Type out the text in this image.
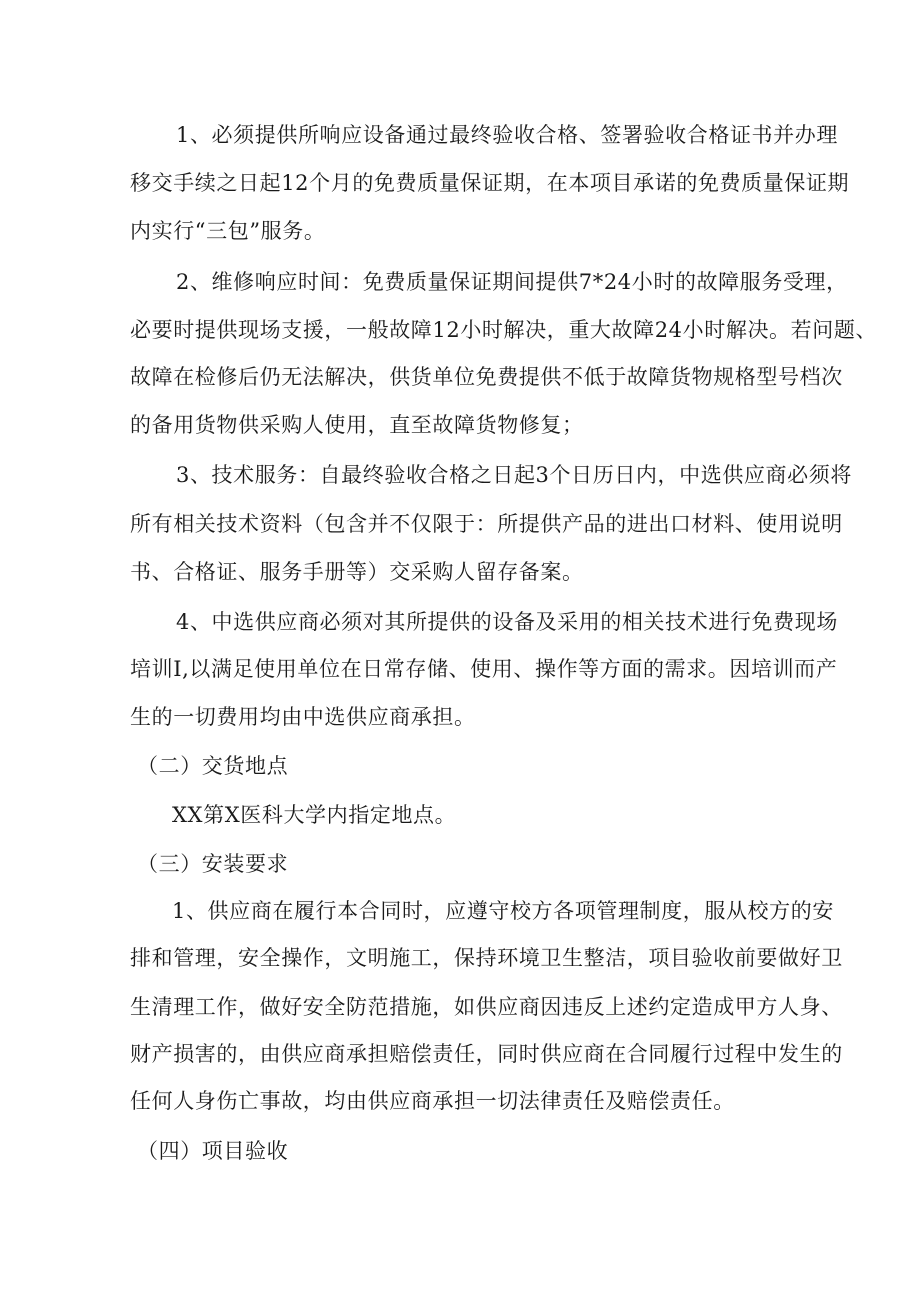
1、必须提供所响应设备通过最终验收合格、签署验收合格证书并办理
移交手续之日起12个月的免费质量保证期，在本项目承诺的免费质量保证期
内实行“三包”服务。
2、维修响应时间：免费质量保证期间提供7*24小时的故障服务受理，
必要时提供现场支援，一般故障12小时解决，重大故障24小时解决。若问题、
故障在检修后仍无法解决，供货单位免费提供不低于故障货物规格型号档次
的备用货物供采购人使用，直至故障货物修复；
3、技术服务：自最终验收合格之日起3个日历日内，中选供应商必须将
所有相关技术资料（包含并不仅限于：所提供产品的进出口材料、使用说明
书、合格证、服务手册等）交采购人留存备案。
4、中选供应商必须对其所提供的设备及采用的相关技术进行免费现场
培训I,以满足使用单位在日常存储、使用、操作等方面的需求。因培训而产
生的一切费用均由中选供应商承担。
（二）交货地点
XX第X医科大学内指定地点。
（三）安装要求
1、供应商在履行本合同时，应遵守校方各项管理制度，服从校方的安
排和管理，安全操作，文明施工，保持环境卫生整洁，项目验收前要做好卫
生清理工作，做好安全防范措施，如供应商因违反上述约定造成甲方人身、
财产损害的，由供应商承担赔偿责任，同时供应商在合同履行过程中发生的
任何人身伤亡事故，均由供应商承担一切法律责任及赔偿责任。
（四）项目验收
